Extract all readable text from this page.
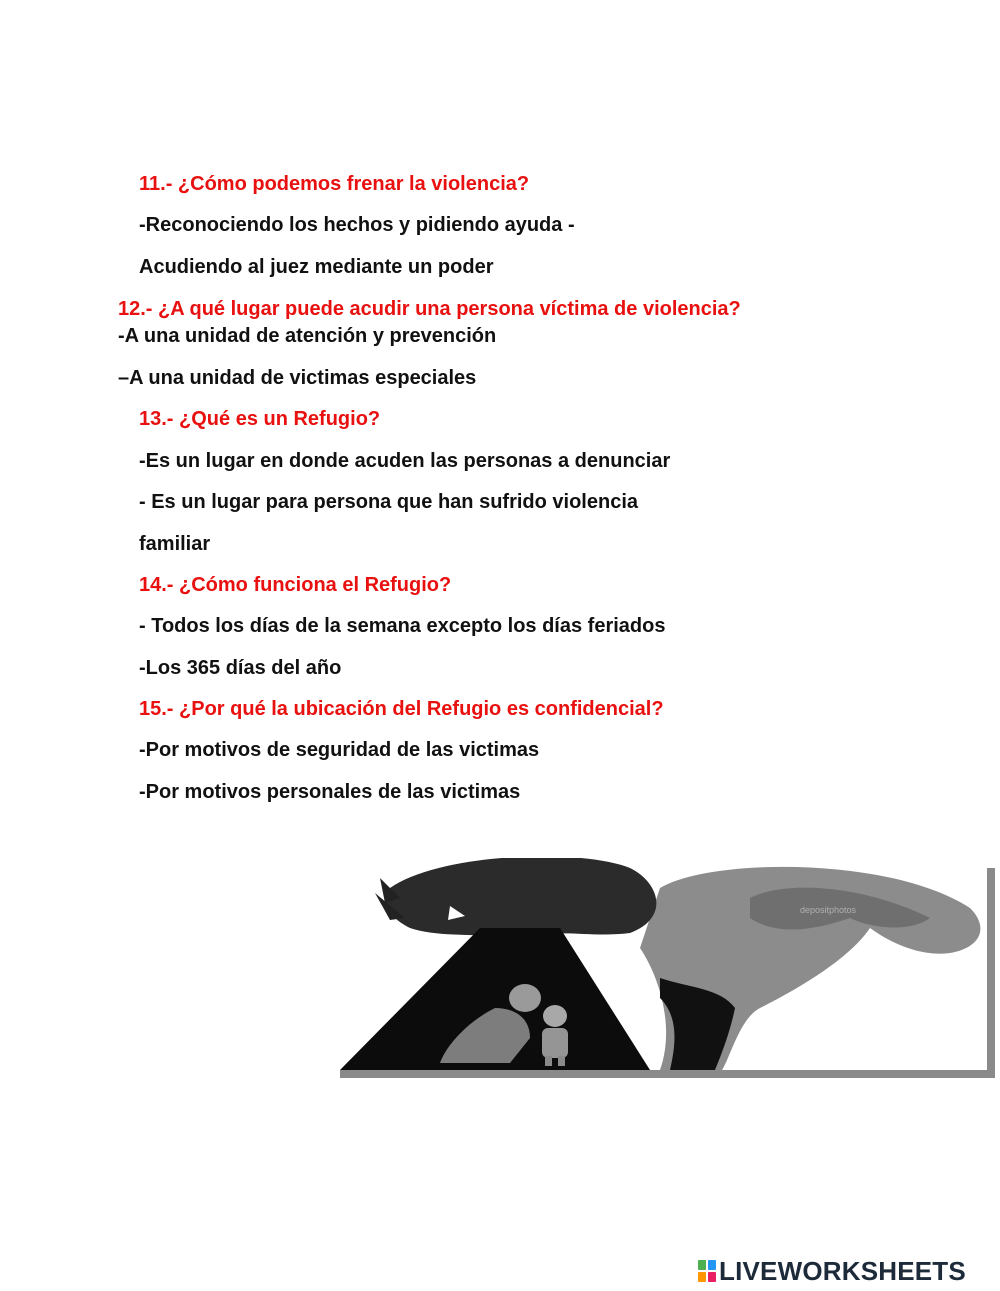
11.- ¿Cómo podemos frenar la violencia?

-Reconociendo los hechos y pidiendo ayuda -

Acudiendo al juez mediante un poder

12.- ¿A qué lugar puede acudir una persona víctima de violencia?

-A una unidad de atención y prevención

–A una unidad de victimas especiales

13.- ¿Qué es un Refugio?

-Es un lugar en donde acuden las personas a denunciar

- Es un lugar para persona que han sufrido violencia

familiar

14.- ¿Cómo funciona el Refugio?

- Todos los días de la semana excepto los días feriados

-Los 365 días del año

15.- ¿Por qué la ubicación del Refugio es confidencial?

-Por motivos de seguridad de las victimas

-Por motivos personales de las victimas

depositphotos
LIVEWORKSHEETS
